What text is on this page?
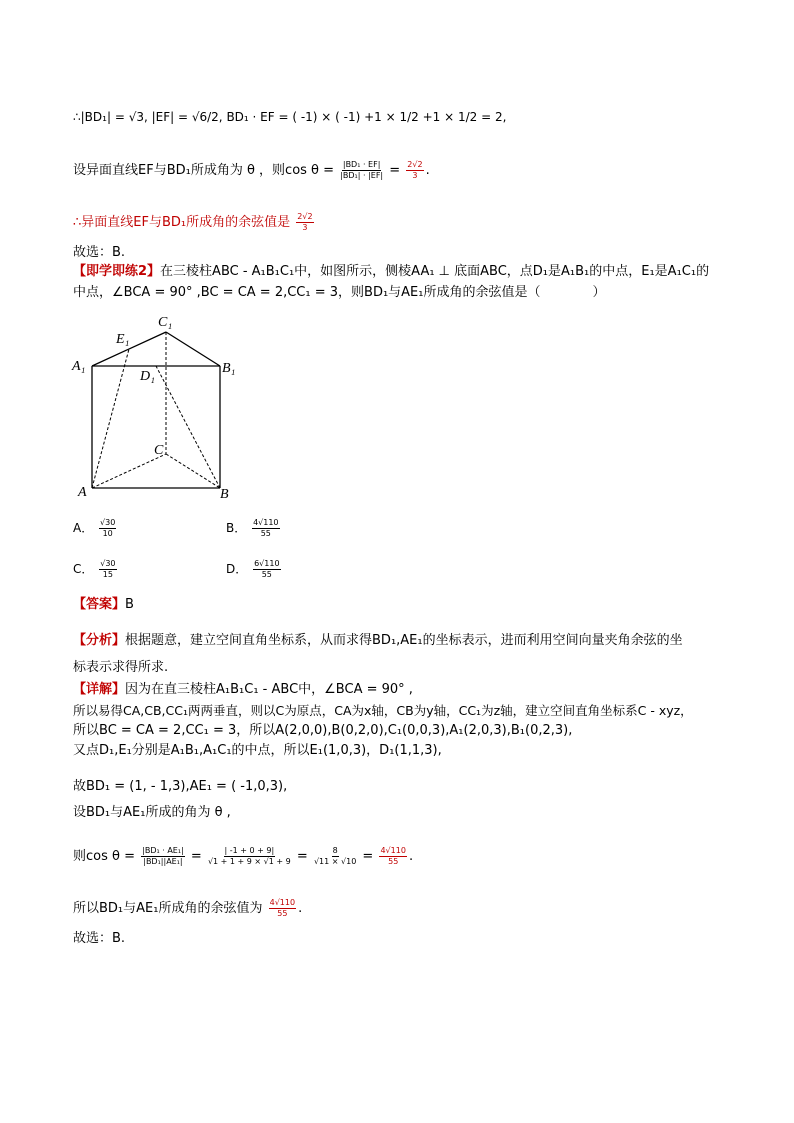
∴|BD₁| = √3, |EF| = √6/2, BD₁ · EF = ( -1) × ( -1) +1 × 1/2 +1 × 1/2 = 2,
设异面直线EF与BD₁所成角为 θ ，则$\cos \theta = \frac{\text{|BD₁ · EF|}}{\text{|BD₁| · |EF|}} = \frac{2√2}{3}$ .
∴异面直线EF与BD₁所成角的余弦值是 $\frac{2√2}{3}$
故选：B.
【即学即练2】在三棱柱ABC - A₁B₁C₁中，如图所示，侧棱AA₁ ⊥ 底面ABC，点D₁是A₁B₁的中点，E₁是A₁C₁的
中点，∠BCA = 90° ,BC = CA = 2,CC₁ = 3，则BD₁与AE₁所成角的余弦值是（　　　　）
C₁
E₁
A₁
D₁
B₁
C
A	B
A． $\frac{√30}{10}$	B． $\frac{4√110}{55}$
C． $\frac{√30}{15}$	D． $\frac{6√110}{55}$
【答案】B
【分析】根据题意，建立空间直角坐标系，从而求得BD₁,AE₁的坐标表示，进而利用空间向量夹角余弦的坐
标表示求得所求.
【详解】因为在直三棱柱A₁B₁C₁ - ABC中，∠BCA = 90° ,
所以易得CA,CB,CC₁两两垂直，则以C为原点，CA为x轴，CB为y轴，CC₁为z轴，建立空间直角坐标系C - xyz，
所以BC = CA = 2,CC₁ = 3，所以A(2,0,0),B(0,2,0),C₁(0,0,3),A₁(2,0,3),B₁(0,2,3),
又点D₁,E₁分别是A₁B₁,A₁C₁的中点，所以E₁(1,0,3)，D₁(1,1,3),
故BD₁ = (1, - 1,3),AE₁ = ( -1,0,3),
设BD₁与AE₁所成的角为 θ ,
则$\cos \theta = \frac{\text{|BD₁ · AE₁|}}{\text{|BD₁||AE₁|}} = \frac{| -1 + 0 + 9|}{√1 + 1 + 9 \times √1 + 9} = \frac{8}{√11 \times √10} = \frac{4√110}{55}$ .
所以BD₁与AE₁所成角的余弦值为 $\frac{4√110}{55}$ .
故选：B.
